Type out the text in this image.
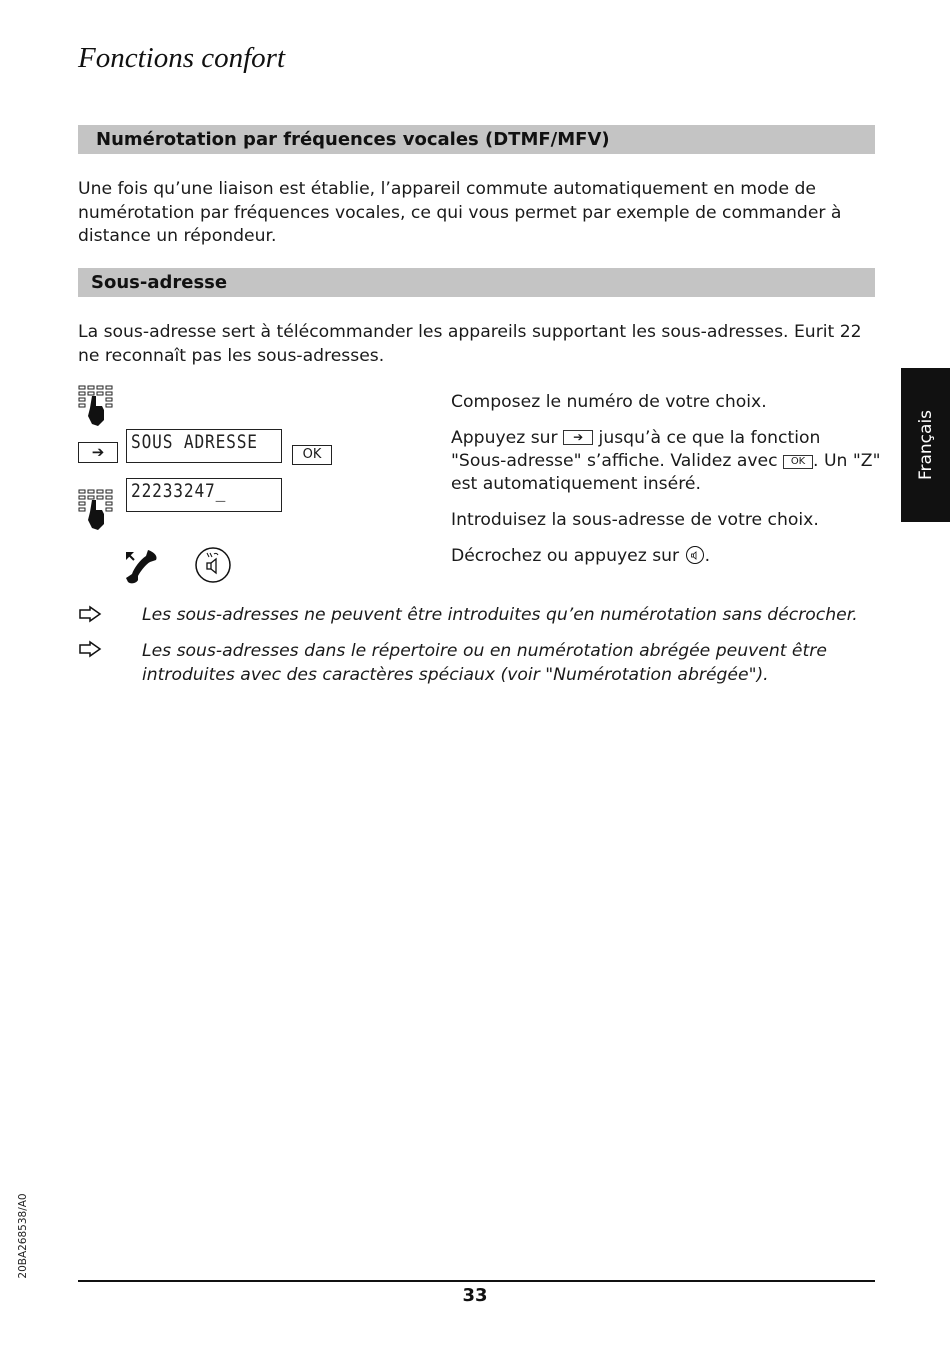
Fonctions confort
Numérotation par fréquences vocales (DTMF/MFV)

Une fois qu’une liaison est établie, l’appareil commute automatiquement en mode de numérotation par fréquences vocales, ce qui vous permet par exemple de commander à distance un répondeur.

Sous-adresse

La sous-adresse sert à télécommander les appareils supportant les sous-adresses. Eurit 22 ne reconnaît pas les sous-adresses.

Français
➔	SOUS ADRESSE
OK
22233247_
Composez le numéro de votre choix.
Appuyez sur ➔ jusqu’à ce que la fonction "Sous-adresse" s’affiche. Validez avec OK . Un "Z" est automatiquement inséré.
Introduisez la sous-adresse de votre choix.
Décrochez ou appuyez sur .
Les sous-adresses ne peuvent être introduites qu’en numérotation sans décrocher.
Les sous-adresses dans le répertoire ou en numérotation abrégée peuvent être introduites avec des caractères spéciaux (voir "Numérotation abrégée").
20BA268538/A0
33
